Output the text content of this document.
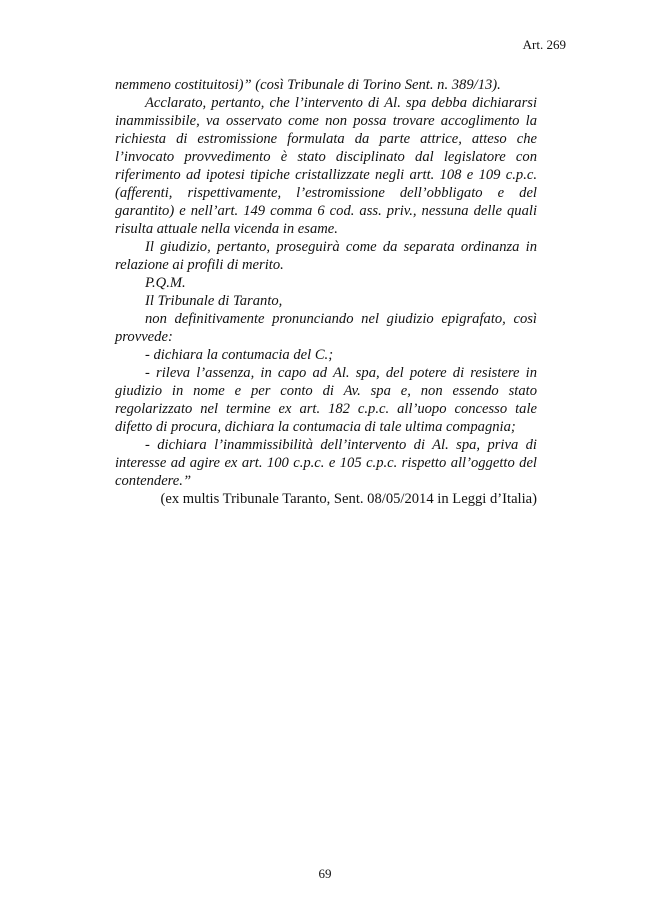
Art. 269

nemmeno costituitosi)” (così Tribunale di Torino Sent. n. 389/13).

Acclarato, pertanto, che l’intervento di Al. spa debba dichiararsi inammissibile, va osservato come non possa trovare accoglimento la richiesta di estromissione formulata da parte attrice, atteso che l’invocato provvedimento è stato disciplinato dal legislatore con riferimento ad ipotesi tipiche cristallizzate negli artt. 108 e 109 c.p.c. (afferenti, rispettivamente, l’estromissione dell’obbligato e del garantito) e nell’art. 149 comma 6 cod. ass. priv., nessuna delle quali risulta attuale nella vicenda in esame.

Il giudizio, pertanto, proseguirà come da separata ordinanza in relazione ai profili di merito.

P.Q.M.

Il Tribunale di Taranto,

non definitivamente pronunciando nel giudizio epigrafato, così provvede:

- dichiara la contumacia del C.;

- rileva l’assenza, in capo ad Al. spa, del potere di resistere in giudizio in nome e per conto di Av. spa e, non essendo stato regolarizzato nel termine ex art. 182 c.p.c. all’uopo concesso tale difetto di procura, dichiara la contumacia di tale ultima compagnia;

- dichiara l’inammissibilità dell’intervento di Al. spa, priva di interesse ad agire ex art. 100 c.p.c. e 105 c.p.c. rispetto all’oggetto del contendere.”

(ex multis Tribunale Taranto, Sent. 08/05/2014 in Leggi d’Italia)

69
